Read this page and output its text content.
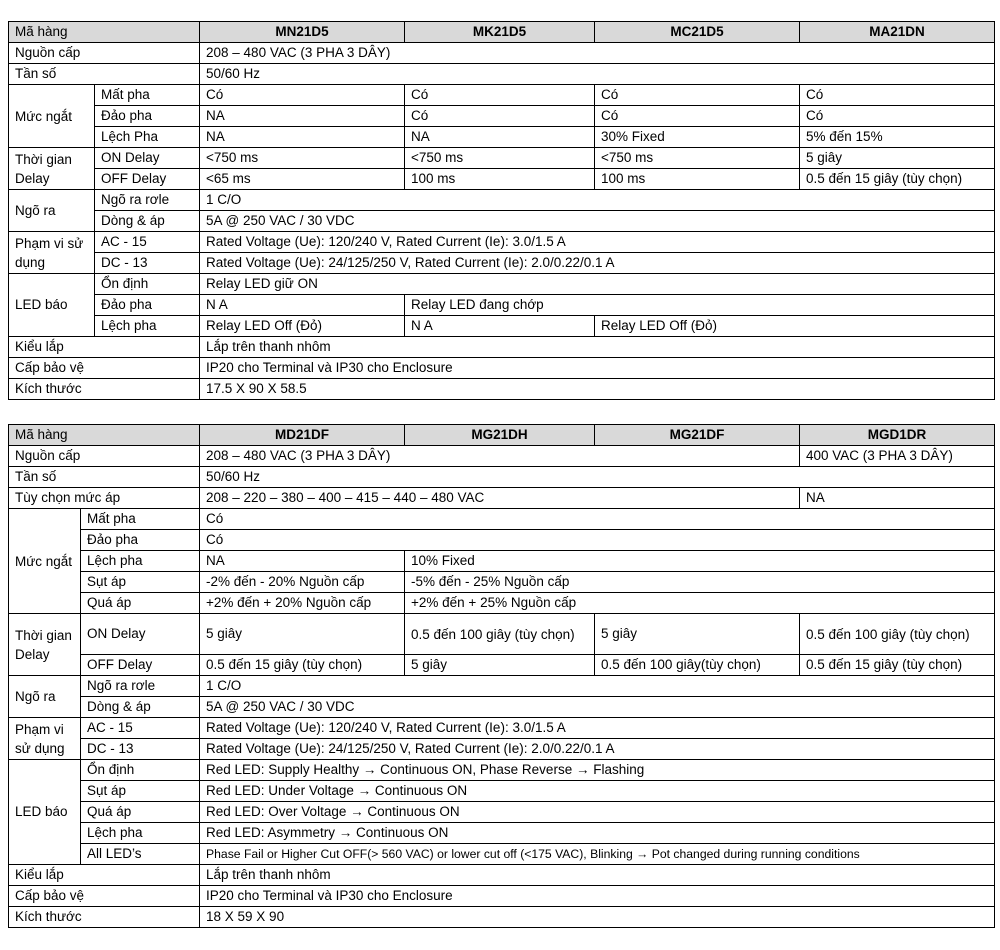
Mã hàng		MN21D5	MK21D5	MC21D5	MA21DN
Nguồn cấp		208 – 480 VAC (3 PHA 3 DÂY)			
Tần số		50/60 Hz			
Mức ngắt	Mất pha	Có	Có	Có	Có
	Đảo pha	NA	Có	Có	Có
	Lệch Pha	NA	NA	30% Fixed	5% đến 15%
Thời gian Delay	ON Delay	<750 ms	<750 ms	<750 ms	5 giây
	OFF Delay	<65 ms	100 ms	100 ms	0.5 đến 15 giây (tùy chọn)
Ngõ ra	Ngõ ra rơle	1 C/O			
	Dòng & áp	5A @ 250 VAC / 30 VDC			
Phạm vi sử dụng	AC - 15	Rated Voltage (Ue): 120/240 V, Rated Current (Ie): 3.0/1.5 A			
	DC - 13	Rated Voltage (Ue): 24/125/250 V, Rated Current (Ie): 2.0/0.22/0.1 A			
LED báo	Ổn định	Relay LED giữ ON			
	Đảo pha	N A	Relay LED đang chớp		
	Lệch pha	Relay LED Off (Đỏ)	N A	Relay LED Off (Đỏ)	
Kiểu lắp		Lắp trên thanh nhôm			
Cấp bảo vệ		IP20 cho Terminal và IP30 cho Enclosure			
Kích thước		17.5 X 90 X 58.5			
Mã hàng		MD21DF	MG21DH	MG21DF	MGD1DR
Nguồn cấp		208 – 480 VAC (3 PHA 3 DÂY)			400 VAC (3 PHA 3 DÂY)
Tần số		50/60 Hz			
Tùy chọn mức áp		208 – 220 – 380 – 400 – 415 – 440 – 480 VAC			NA
Mức ngắt	Mất pha	Có			
	Đảo pha	Có			
	Lệch pha	NA	10% Fixed		
	Sụt áp	-2% đến - 20% Nguồn cấp	-5% đến - 25% Nguồn cấp		
	Quá áp	+2% đến + 20% Nguồn cấp	+2% đến + 25% Nguồn cấp		
Thời gian Delay	ON Delay	5 giây	0.5 đến 100 giây (tùy chọn)	5 giây	0.5 đến 100 giây (tùy chọn)
	OFF Delay	0.5 đến 15 giây (tùy chọn)	5 giây	0.5 đến 100 giây(tùy chọn)	0.5 đến 15 giây (tùy chọn)
Ngõ ra	Ngõ ra rơle	1 C/O			
	Dòng & áp	5A @ 250 VAC / 30 VDC			
Phạm vi sử dụng	AC - 15	Rated Voltage (Ue): 120/240 V, Rated Current (Ie): 3.0/1.5 A			
	DC - 13	Rated Voltage (Ue): 24/125/250 V, Rated Current (Ie): 2.0/0.22/0.1 A			
LED báo	Ổn định	Red LED: Supply Healthy → Continuous ON, Phase Reverse → Flashing			
	Sụt áp	Red LED: Under Voltage → Continuous ON			
	Quá áp	Red LED: Over Voltage → Continuous ON			
	Lệch pha	Red LED: Asymmetry → Continuous ON			
	All LED’s	Phase Fail or Higher Cut OFF(> 560 VAC) or lower cut off (<175 VAC), Blinking → Pot changed during running conditions			
Kiểu lắp		Lắp trên thanh nhôm			
Cấp bảo vệ		IP20 cho Terminal và IP30 cho Enclosure			
Kích thước		18 X 59 X 90			
